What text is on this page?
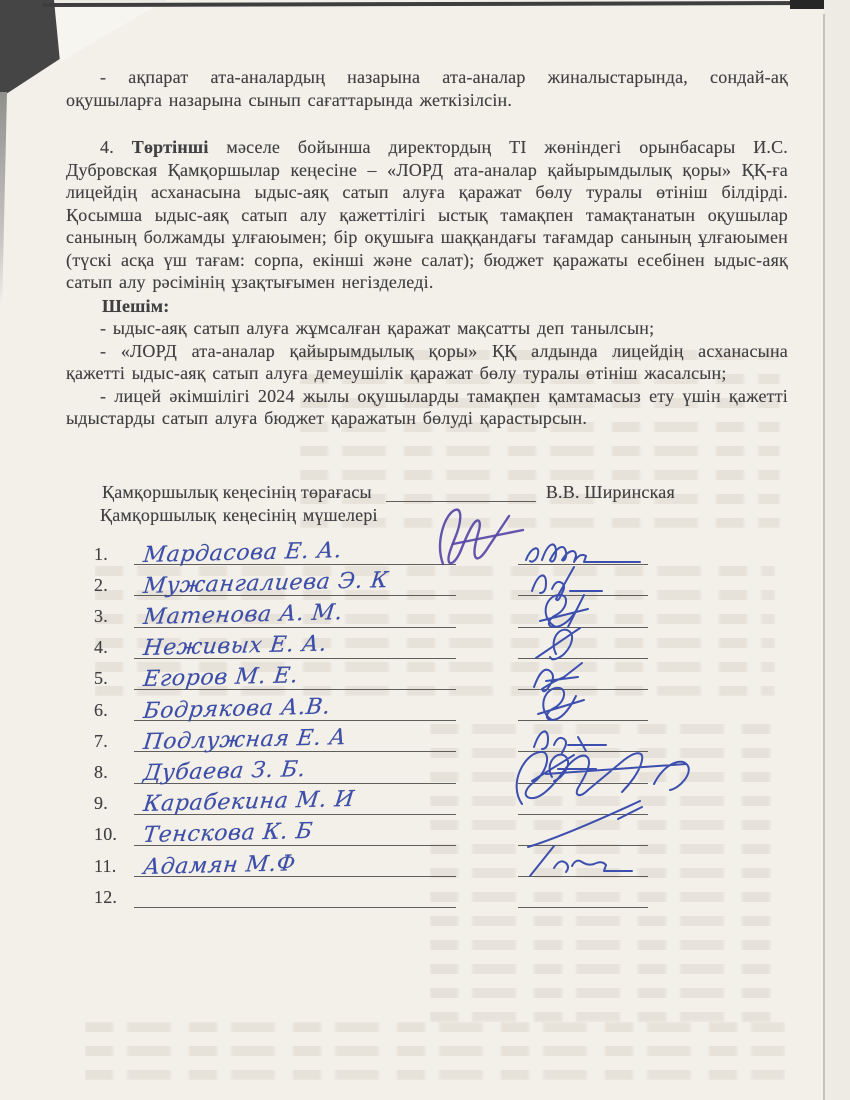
- ақпарат ата-аналардың назарына ата-аналар жиналыстарында, сондай-ақ оқушыларға назарына сынып сағаттарында жеткізілсін.

4. Төртінші мәселе бойынша директордың ТІ жөніндегі орынбасары И.С. Дубровская Қамқоршылар кеңесіне – «ЛОРД ата-аналар қайырымдылық қоры» ҚҚ-ға лицейдің асханасына ыдыс-аяқ сатып алуға қаражат бөлу туралы өтініш білдірді. Қосымша ыдыс-аяқ сатып алу қажеттілігі ыстық тамақпен тамақтанатын оқушылар санының болжамды ұлғаюымен; бір оқушыға шаққандағы тағамдар санының ұлғаюымен (түскі асқа үш тағам: сорпа, екінші және салат); бюджет қаражаты есебінен ыдыс-аяқ сатып алу рәсімінің ұзақтығымен негізделеді.

Шешім:

- ыдыс-аяқ сатып алуға жұмсалған қаражат мақсатты деп танылсын;

- «ЛОРД ата-аналар қайырымдылық қоры» ҚҚ алдында лицейдің асханасына қажетті ыдыс-аяқ сатып алуға демеушілік қаражат бөлу туралы өтініш жасалсын;

- лицей әкімшілігі 2024 жылы оқушыларды тамақпен қамтамасыз ету үшін қажетті ыдыстарды сатып алуға бюджет қаражатын бөлуді қарастырсын.

Қамқоршылық кеңесінің төрағасы	В.В. Ширинская

Қамқоршылық кеңесінің мүшелері

1.	Мардасова Е. А.
2.	Мужангалиева Э. К
3.	Матенова А. М.
4.	Неживых Е. А.
5.	Егоров М. Е.
6.	Бодрякова А.В.
7.	Подлужная Е. А
8.	Дубаева З. Б.
9.	Карабекина М. И
10.	Тенскова К. Б
11.	Адамян М.Ф
12.
